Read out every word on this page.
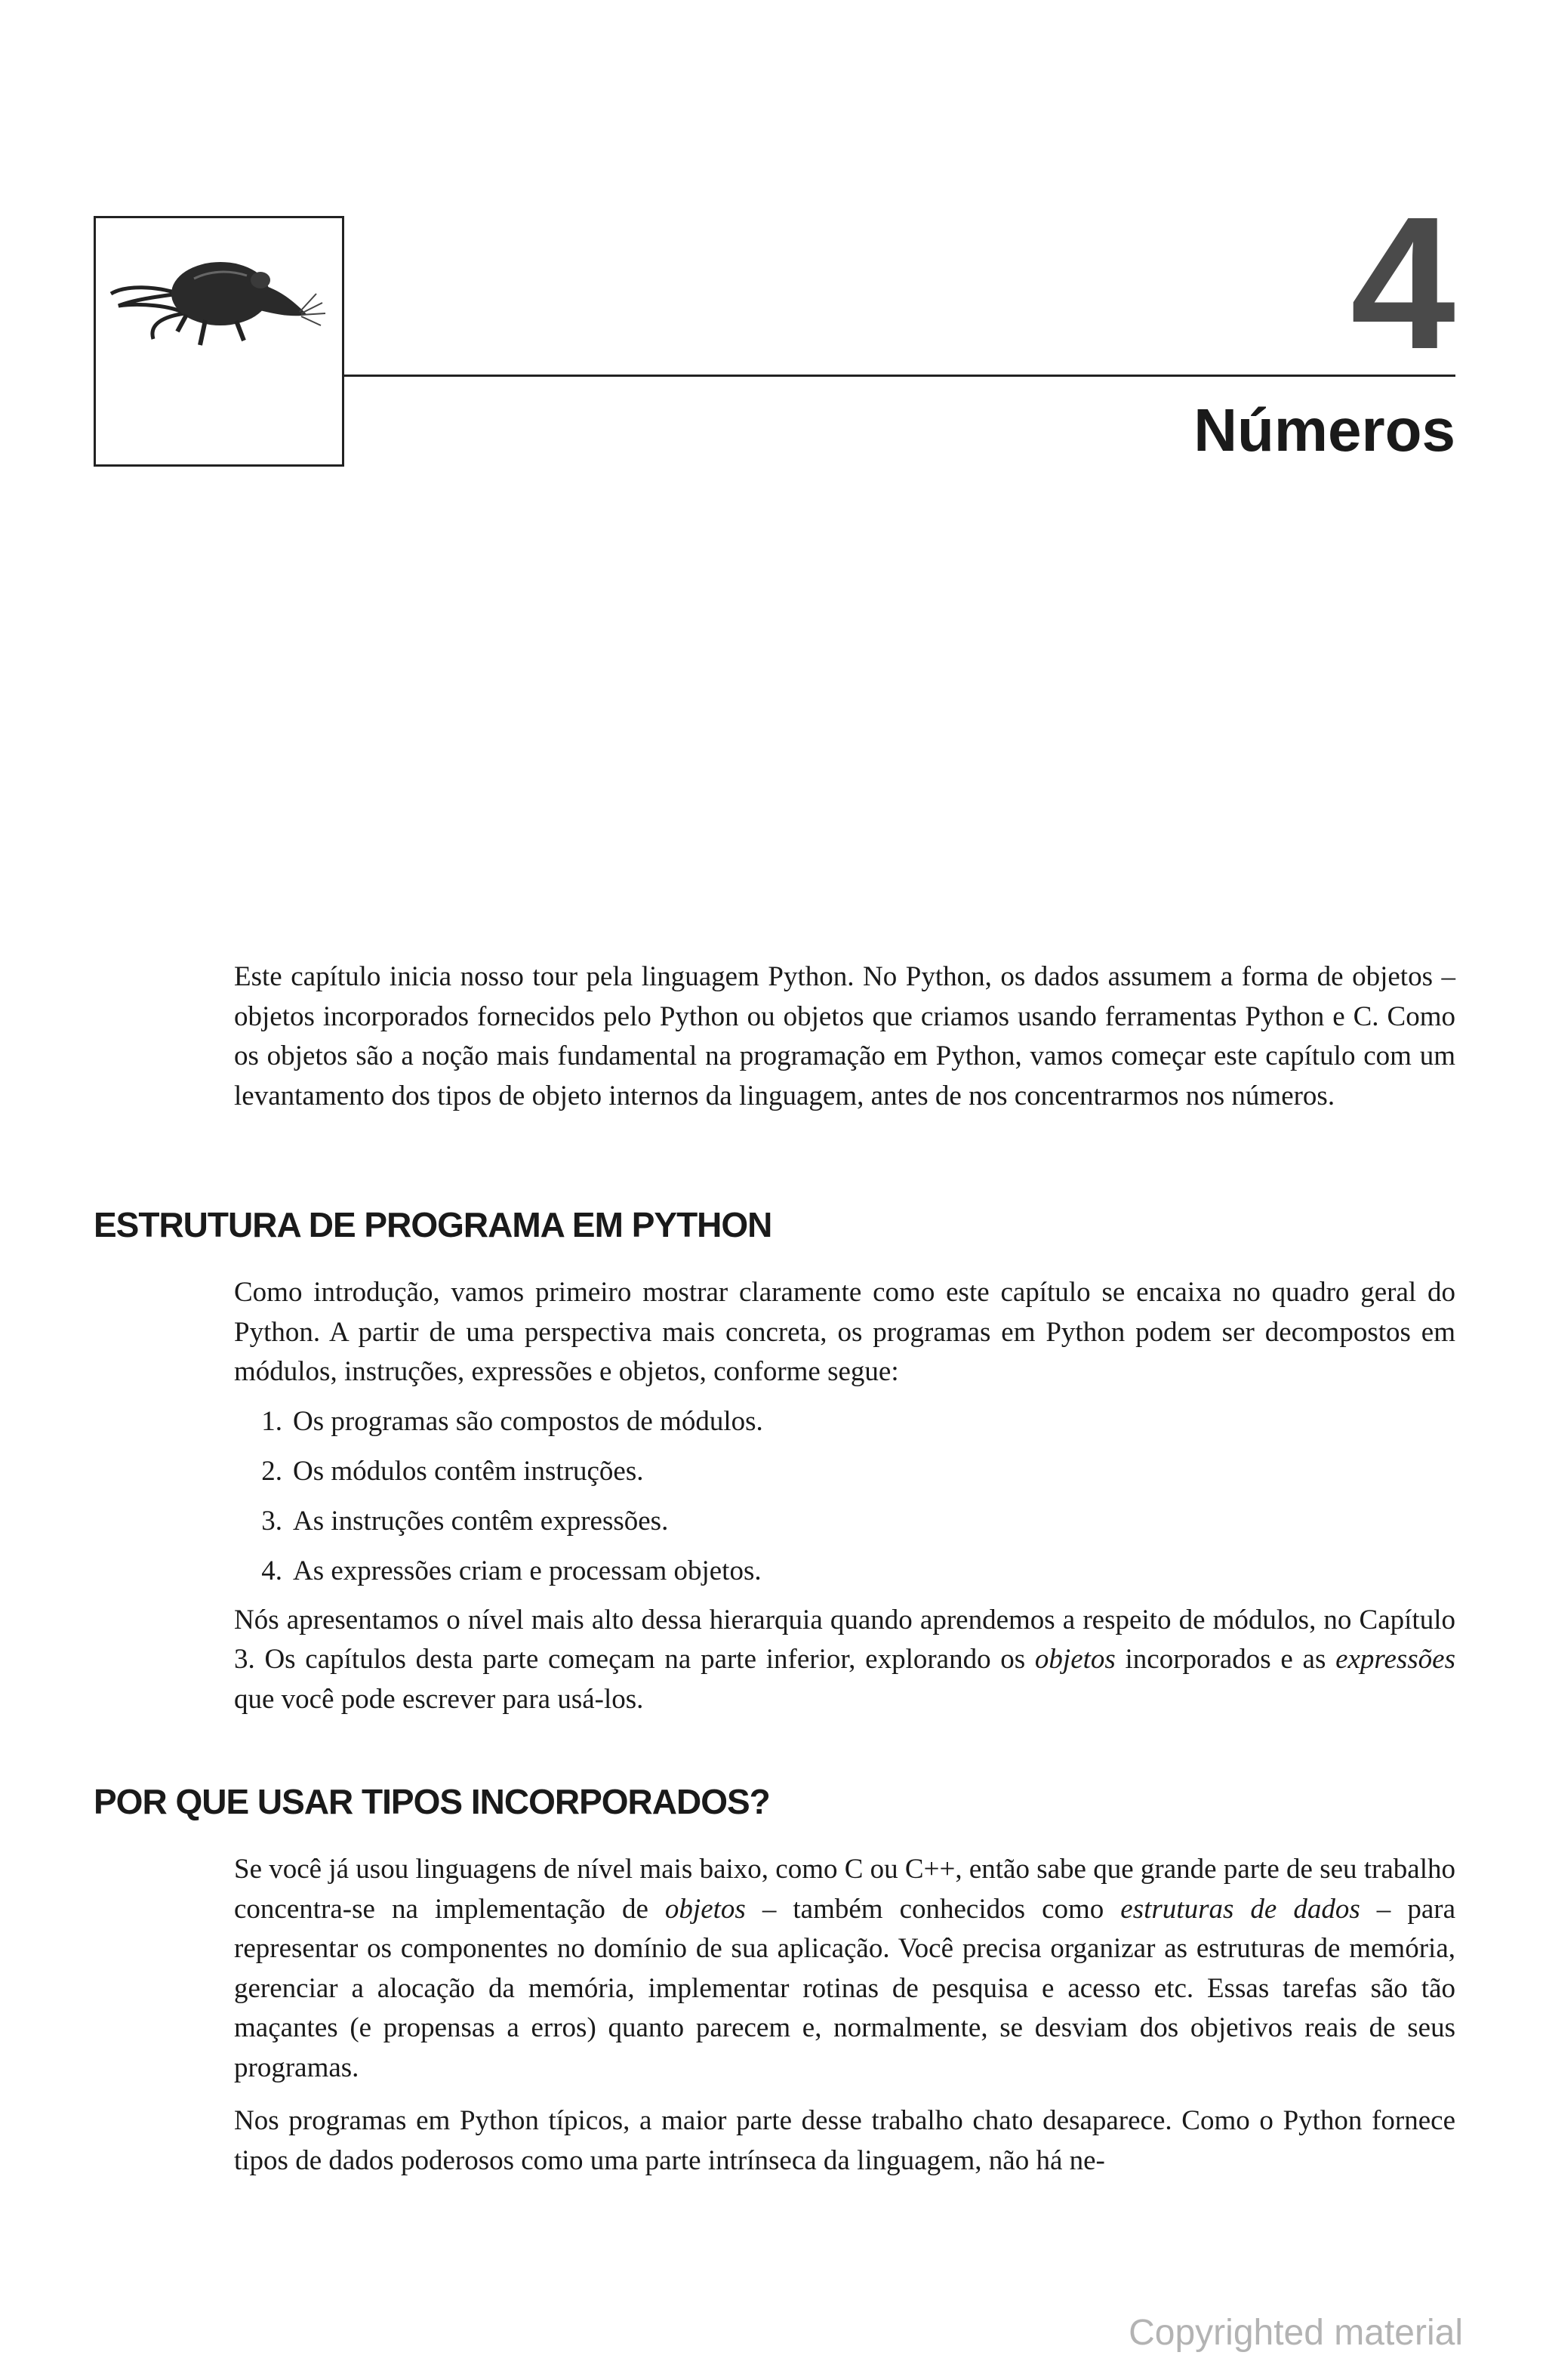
4
Números

Este capítulo inicia nosso tour pela linguagem Python. No Python, os dados assumem a forma de objetos – objetos incorporados fornecidos pelo Python ou objetos que criamos usando ferramentas Python e C. Como os objetos são a noção mais fundamental na programação em Python, vamos começar este capítulo com um levantamento dos tipos de objeto internos da linguagem, antes de nos concentrarmos nos números.

ESTRUTURA DE PROGRAMA EM PYTHON

Como introdução, vamos primeiro mostrar claramente como este capítulo se encaixa no quadro geral do Python. A partir de uma perspectiva mais concreta, os programas em Python podem ser decompostos em módulos, instruções, expressões e objetos, conforme segue:

1. Os programas são compostos de módulos.
2. Os módulos contêm instruções.
3. As instruções contêm expressões.
4. As expressões criam e processam objetos.

Nós apresentamos o nível mais alto dessa hierarquia quando aprendemos a respeito de módulos, no Capítulo 3. Os capítulos desta parte começam na parte inferior, explorando os objetos incorporados e as expressões que você pode escrever para usá-los.

POR QUE USAR TIPOS INCORPORADOS?

Se você já usou linguagens de nível mais baixo, como C ou C++, então sabe que grande parte de seu trabalho concentra-se na implementação de objetos – também conhecidos como estruturas de dados – para representar os componentes no domínio de sua aplicação. Você precisa organizar as estruturas de memória, gerenciar a alocação da memória, implementar rotinas de pesquisa e acesso etc. Essas tarefas são tão maçantes (e propensas a erros) quanto parecem e, normalmente, se desviam dos objetivos reais de seus programas.

Nos programas em Python típicos, a maior parte desse trabalho chato desaparece. Como o Python fornece tipos de dados poderosos como uma parte intrínseca da linguagem, não há ne-

Copyrighted material
